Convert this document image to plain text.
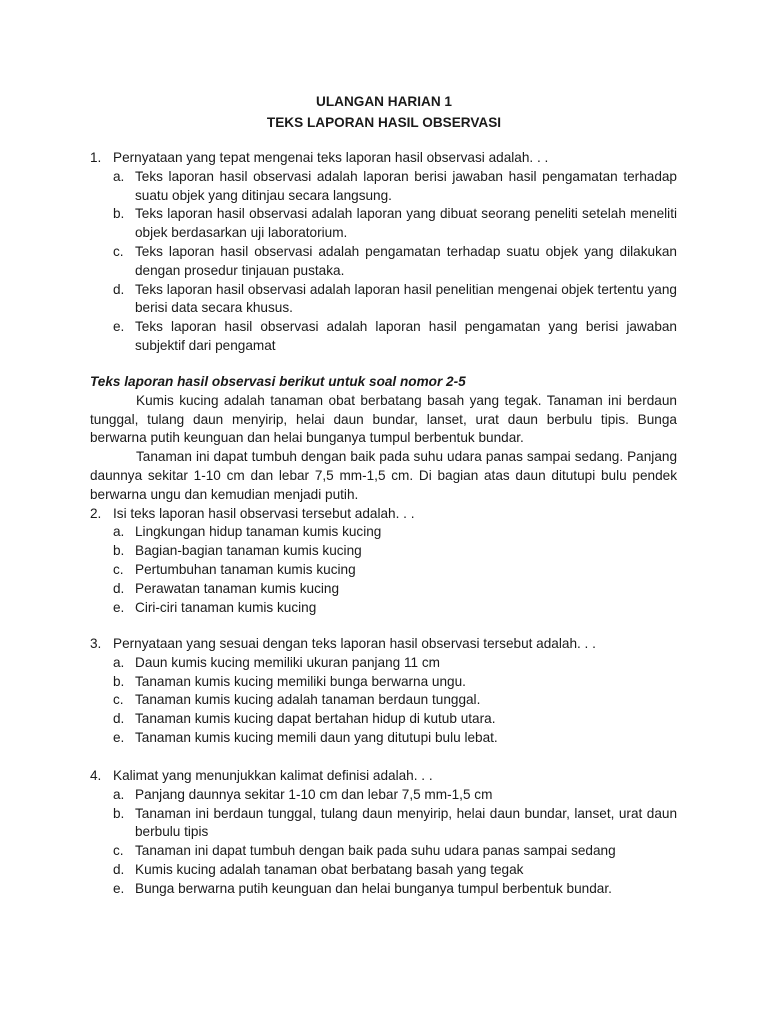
ULANGAN HARIAN 1
TEKS LAPORAN HASIL OBSERVASI
1. Pernyataan yang tepat mengenai teks laporan hasil observasi adalah. . .
a. Teks laporan hasil observasi adalah laporan berisi jawaban hasil pengamatan terhadap suatu objek yang ditinjau secara langsung.
b. Teks laporan hasil observasi adalah laporan yang dibuat seorang peneliti setelah meneliti objek berdasarkan uji laboratorium.
c. Teks laporan hasil observasi adalah pengamatan terhadap suatu objek yang dilakukan dengan prosedur tinjauan pustaka.
d. Teks laporan hasil observasi adalah laporan hasil penelitian mengenai objek tertentu yang berisi data secara khusus.
e. Teks laporan hasil observasi adalah laporan hasil pengamatan yang berisi jawaban subjektif dari pengamat
Teks laporan hasil observasi berikut untuk soal nomor 2-5

Kumis kucing adalah tanaman obat berbatang basah yang tegak. Tanaman ini berdaun tunggal, tulang daun menyirip, helai daun bundar, lanset, urat daun berbulu tipis. Bunga berwarna putih keunguan dan helai bunganya tumpul berbentuk bundar.

Tanaman ini dapat tumbuh dengan baik pada suhu udara panas sampai sedang. Panjang daunnya sekitar 1-10 cm dan lebar 7,5 mm-1,5 cm. Di bagian atas daun ditutupi bulu pendek berwarna ungu dan kemudian menjadi putih.

2. Isi teks laporan hasil observasi tersebut adalah. . .
a. Lingkungan hidup tanaman kumis kucing
b. Bagian-bagian tanaman kumis kucing
c. Pertumbuhan tanaman kumis kucing
d. Perawatan tanaman kumis kucing
e. Ciri-ciri tanaman kumis kucing
3. Pernyataan yang sesuai dengan teks laporan hasil observasi tersebut adalah. . .
a. Daun kumis kucing memiliki ukuran panjang 11 cm
b. Tanaman kumis kucing memiliki bunga berwarna ungu.
c. Tanaman kumis kucing adalah tanaman berdaun tunggal.
d. Tanaman kumis kucing dapat bertahan hidup di kutub utara.
e. Tanaman kumis kucing memili daun yang ditutupi bulu lebat.
4. Kalimat yang menunjukkan kalimat definisi adalah. . .
a. Panjang daunnya sekitar 1-10 cm dan lebar 7,5 mm-1,5 cm
b. Tanaman ini berdaun tunggal, tulang daun menyirip, helai daun bundar, lanset, urat daun berbulu tipis
c. Tanaman ini dapat tumbuh dengan baik pada suhu udara panas sampai sedang
d. Kumis kucing adalah tanaman obat berbatang basah yang tegak
e. Bunga berwarna putih keunguan dan helai bunganya tumpul berbentuk bundar.
